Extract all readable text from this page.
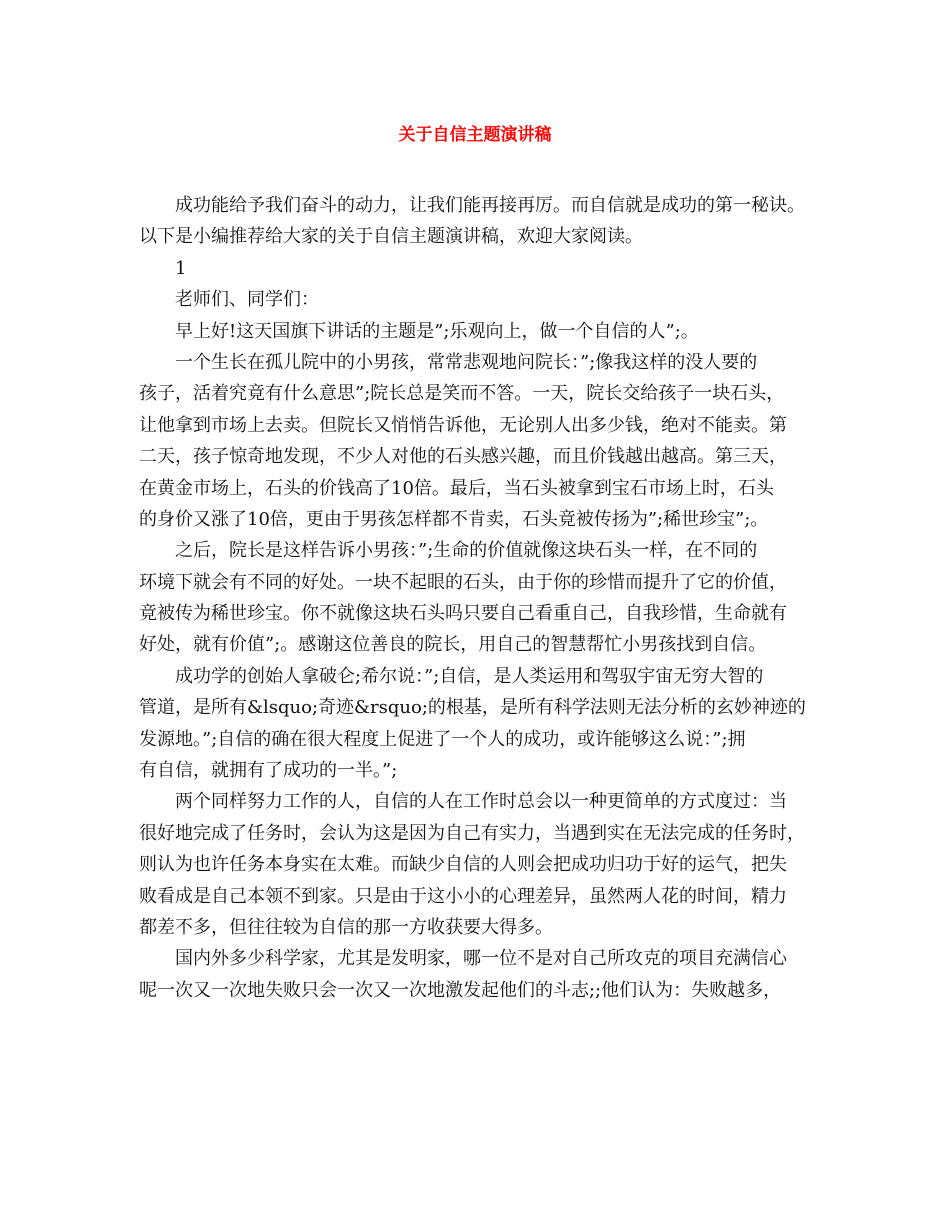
关于自信主题演讲稿
成功能给予我们奋斗的动力，让我们能再接再厉。而自信就是成功的第一秘诀。
以下是小编推荐给大家的关于自信主题演讲稿，欢迎大家阅读。
1
老师们、同学们：
早上好!这天国旗下讲话的主题是”;乐观向上，做一个自信的人”;。
一个生长在孤儿院中的小男孩，常常悲观地问院长：”;像我这样的没人要的
孩子，活着究竟有什么意思”;院长总是笑而不答。一天，院长交给孩子一块石头，
让他拿到市场上去卖。但院长又悄悄告诉他，无论别人出多少钱，绝对不能卖。第
二天，孩子惊奇地发现，不少人对他的石头感兴趣，而且价钱越出越高。第三天，
在黄金市场上，石头的价钱高了10倍。最后，当石头被拿到宝石市场上时，石头
的身价又涨了10倍，更由于男孩怎样都不肯卖，石头竟被传扬为”;稀世珍宝”;。
之后，院长是这样告诉小男孩：”;生命的价值就像这块石头一样，在不同的
环境下就会有不同的好处。一块不起眼的石头，由于你的珍惜而提升了它的价值，
竟被传为稀世珍宝。你不就像这块石头吗只要自己看重自己，自我珍惜，生命就有
好处，就有价值”;。感谢这位善良的院长，用自己的智慧帮忙小男孩找到自信。
成功学的创始人拿破仑;希尔说：”;自信，是人类运用和驾驭宇宙无穷大智的
管道，是所有&lsquo;奇迹&rsquo;的根基，是所有科学法则无法分析的玄妙神迹的
发源地。”;自信的确在很大程度上促进了一个人的成功，或许能够这么说：”;拥
有自信，就拥有了成功的一半。”;
两个同样努力工作的人，自信的人在工作时总会以一种更简单的方式度过：当
很好地完成了任务时，会认为这是因为自己有实力，当遇到实在无法完成的任务时，
则认为也许任务本身实在太难。而缺少自信的人则会把成功归功于好的运气，把失
败看成是自己本领不到家。只是由于这小小的心理差异，虽然两人花的时间，精力
都差不多，但往往较为自信的那一方收获要大得多。
国内外多少科学家，尤其是发明家，哪一位不是对自己所攻克的项目充满信心
呢一次又一次地失败只会一次又一次地激发起他们的斗志;;他们认为：失败越多，
